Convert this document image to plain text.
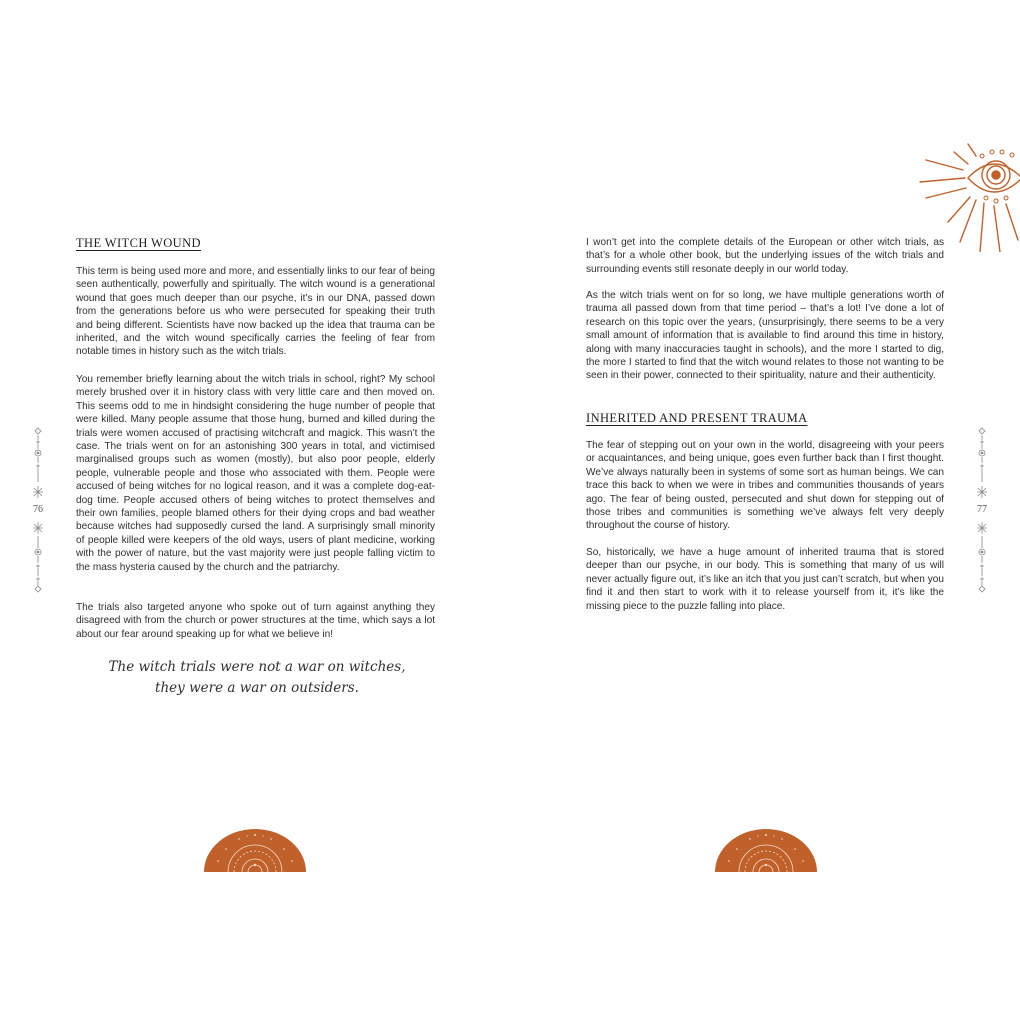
THE WITCH WOUND

This term is being used more and more, and essentially links to our fear of being seen authentically, powerfully and spiritually. The witch wound is a generational wound that goes much deeper than our psyche, it’s in our DNA, passed down from the generations before us who were persecuted for speaking their truth and being different. Scientists have now backed up the idea that trauma can be inherited, and the witch wound specifically carries the feeling of fear from notable times in history such as the witch trials.

You remember briefly learning about the witch trials in school, right? My school merely brushed over it in history class with very little care and then moved on. This seems odd to me in hindsight considering the huge number of people that were killed. Many people assume that those hung, burned and killed during the trials were women accused of practising witchcraft and magick. This wasn’t the case. The trials went on for an astonishing 300 years in total, and victimised marginalised groups such as women (mostly), but also poor people, elderly people, vulnerable people and those who associated with them. People were accused of being witches for no logical reason, and it was a complete dog-eat-dog time. People accused others of being witches to protect themselves and their own families, people blamed others for their dying crops and bad weather because witches had supposedly cursed the land. A surprisingly small minority of people killed were keepers of the old ways, users of plant medicine, working with the power of nature, but the vast majority were just people falling victim to the mass hysteria caused by the church and the patriarchy.

The trials also targeted anyone who spoke out of turn against anything they disagreed with from the church or power structures at the time, which says a lot about our fear around speaking up for what we believe in!

The witch trials were not a war on witches,
they were a war on outsiders.
76

I won’t get into the complete details of the European or other witch trials, as that’s for a whole other book, but the underlying issues of the witch trials and surrounding events still resonate deeply in our world today.

As the witch trials went on for so long, we have multiple generations worth of trauma all passed down from that time period – that’s a lot! I’ve done a lot of research on this topic over the years, (unsurprisingly, there seems to be a very small amount of information that is available to find around this time in history, along with many inaccuracies taught in schools), and the more I started to dig, the more I started to find that the witch wound relates to those not wanting to be seen in their power, connected to their spirituality, nature and their authenticity.

INHERITED AND PRESENT TRAUMA

The fear of stepping out on your own in the world, disagreeing with your peers or acquaintances, and being unique, goes even further back than I first thought. We’ve always naturally been in systems of some sort as human beings. We can trace this back to when we were in tribes and communities thousands of years ago. The fear of being ousted, persecuted and shut down for stepping out of those tribes and communities is something we’ve always felt very deeply throughout the course of history.

So, historically, we have a huge amount of inherited trauma that is stored deeper than our psyche, in our body. This is something that many of us will never actually figure out, it’s like an itch that you just can’t scratch, but when you find it and then start to work with it to release yourself from it, it’s like the missing piece to the puzzle falling into place.

77
